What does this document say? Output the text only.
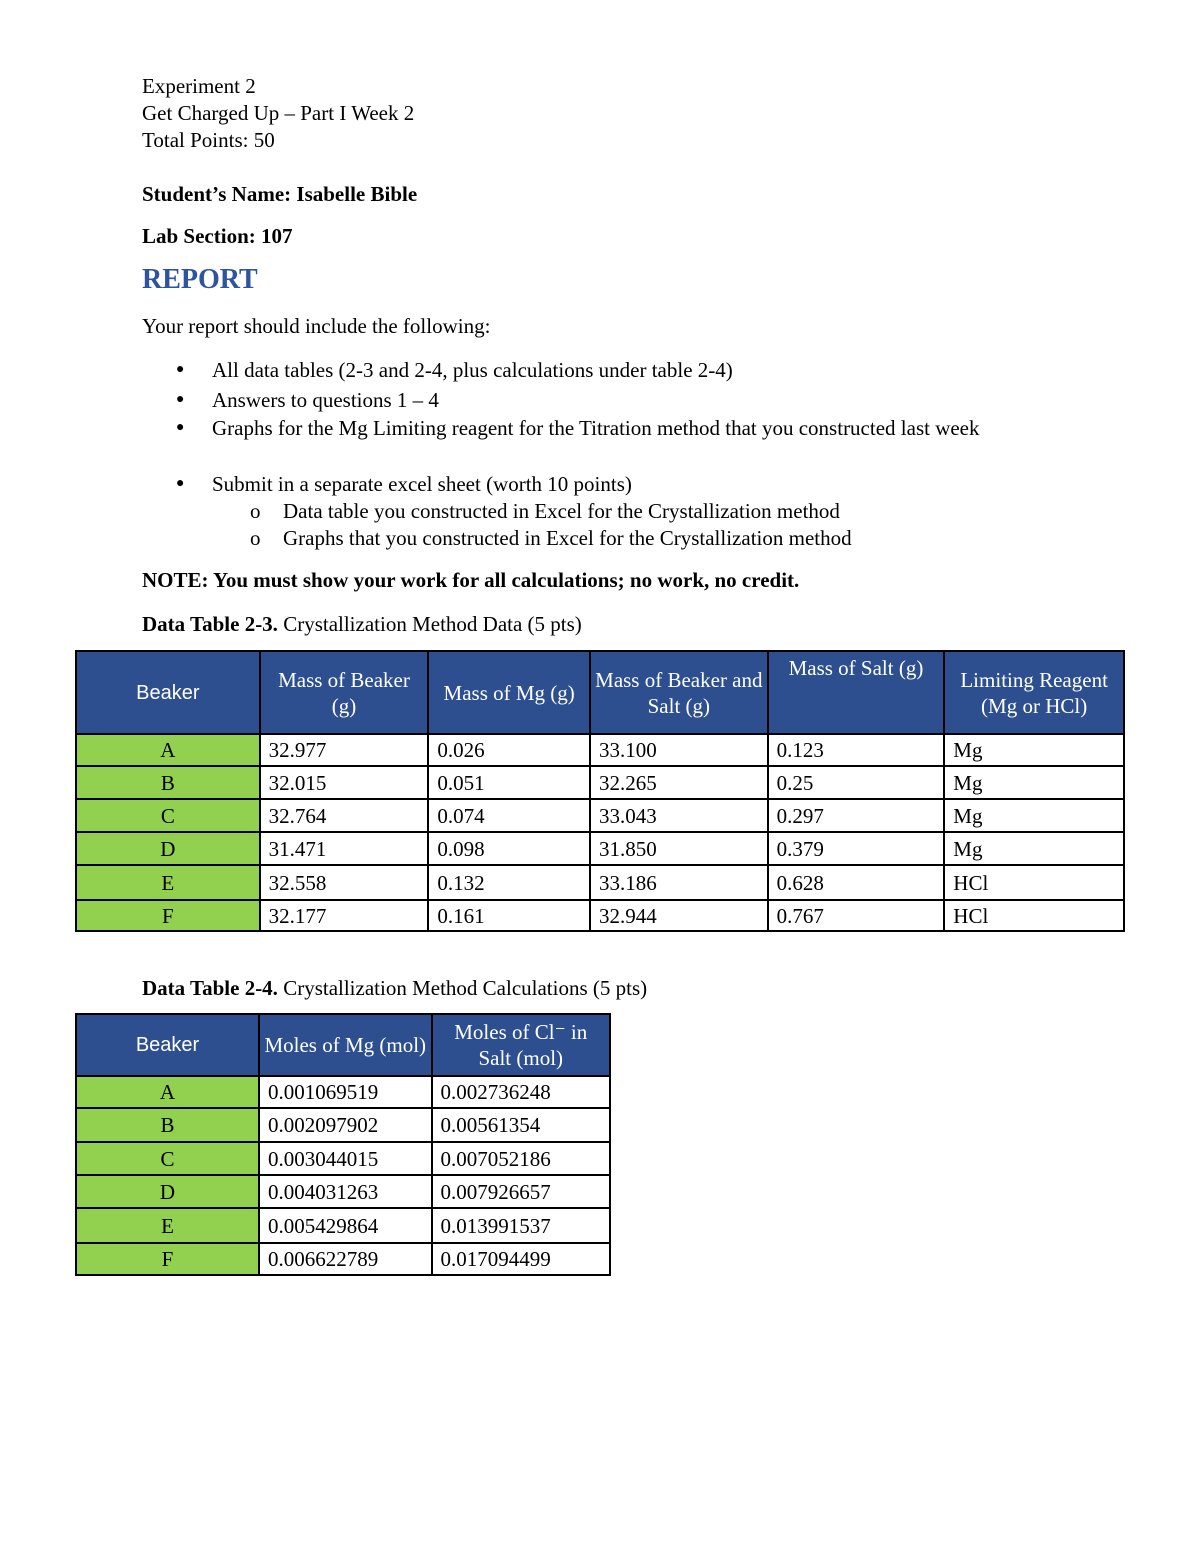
Experiment 2
Get Charged Up – Part I Week 2
Total Points: 50
Student’s Name: Isabelle Bible
Lab Section: 107
REPORT
Your report should include the following:
● All data tables (2-3 and 2-4, plus calculations under table 2-4)
● Answers to questions 1 – 4
● Graphs for the Mg Limiting reagent for the Titration method that you constructed last week
● Submit in a separate excel sheet (worth 10 points)
o Data table you constructed in Excel for the Crystallization method
o Graphs that you constructed in Excel for the Crystallization method
NOTE: You must show your work for all calculations; no work, no credit.
Data Table 2-3. Crystallization Method Data (5 pts)
Beaker	Mass of Beaker (g)	Mass of Mg (g)	Mass of Beaker and Salt (g)	Mass of Salt (g)	Limiting Reagent (Mg or HCl)
A	32.977	0.026	33.100	0.123	Mg
B	32.015	0.051	32.265	0.25	Mg
C	32.764	0.074	33.043	0.297	Mg
D	31.471	0.098	31.850	0.379	Mg
E	32.558	0.132	33.186	0.628	HCl
F	32.177	0.161	32.944	0.767	HCl
Data Table 2-4. Crystallization Method Calculations (5 pts)
Beaker	Moles of Mg (mol)	Moles of Cl⁻ in Salt (mol)
A	0.001069519	0.002736248
B	0.002097902	0.00561354
C	0.003044015	0.007052186
D	0.004031263	0.007926657
E	0.005429864	0.013991537
F	0.006622789	0.017094499
